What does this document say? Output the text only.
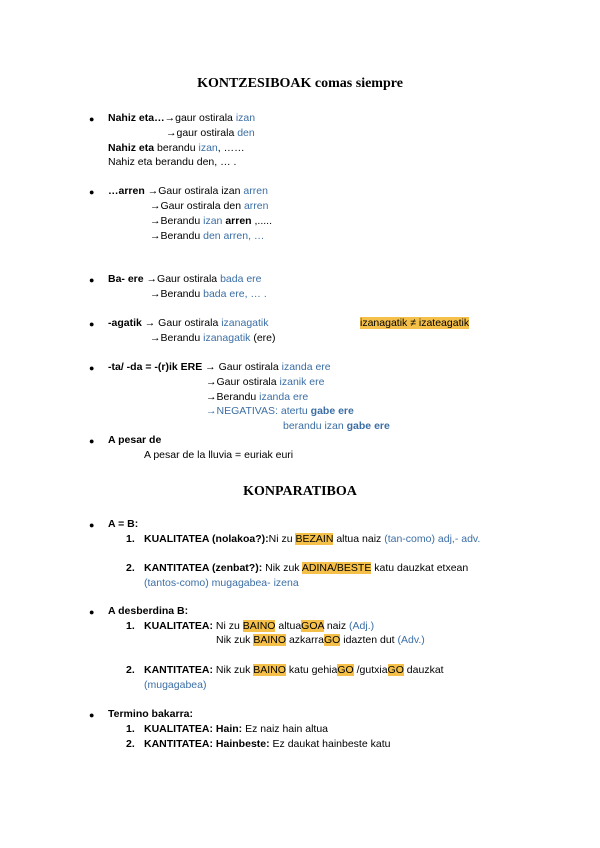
KONTZESIBOAK comas siempre
● Nahiz eta…→gaur ostirala izan
→gaur ostirala den
Nahiz eta berandu izan, ……
Nahiz eta berandu den, … .
● …arren →Gaur ostirala izan arren
→Gaur ostirala den arren
→Berandu izan arren ,.....
→Berandu den arren, …
● Ba- ere →Gaur ostirala bada ere
→Berandu bada ere, … .
● -agatik → Gaur ostirala izanagatik	izanagatik ≠ izateagatik
→Berandu izanagatik (ere)
● -ta/ -da = -(r)ik ERE → Gaur ostirala izanda ere
→Gaur ostirala izanik ere
→Berandu izanda ere
→NEGATIVAS: atertu gabe ere
berandu izan gabe ere
● A pesar de
A pesar de la lluvia = euriak euri
KONPARATIBOA
● A = B:
1. KUALITATEA (nolakoa?):Ni zu BEZAIN altua naiz (tan-como) adj,- adv.
2. KANTITATEA (zenbat?): Nik zuk ADINA/BESTE katu dauzkat etxean
(tantos-como) mugagabea- izena
● A desberdina B:
1. KUALITATEA: Ni zu BAINO altuaGOA naiz (Adj.)
Nik zuk BAINO azkarraGO idazten dut (Adv.)
2. KANTITATEA: Nik zuk BAINO katu gehiaGO /gutxiaGO dauzkat
(mugagabea)
● Termino bakarra:
1. KUALITATEA: Hain: Ez naiz hain altua
2. KANTITATEA: Hainbeste: Ez daukat hainbeste katu
